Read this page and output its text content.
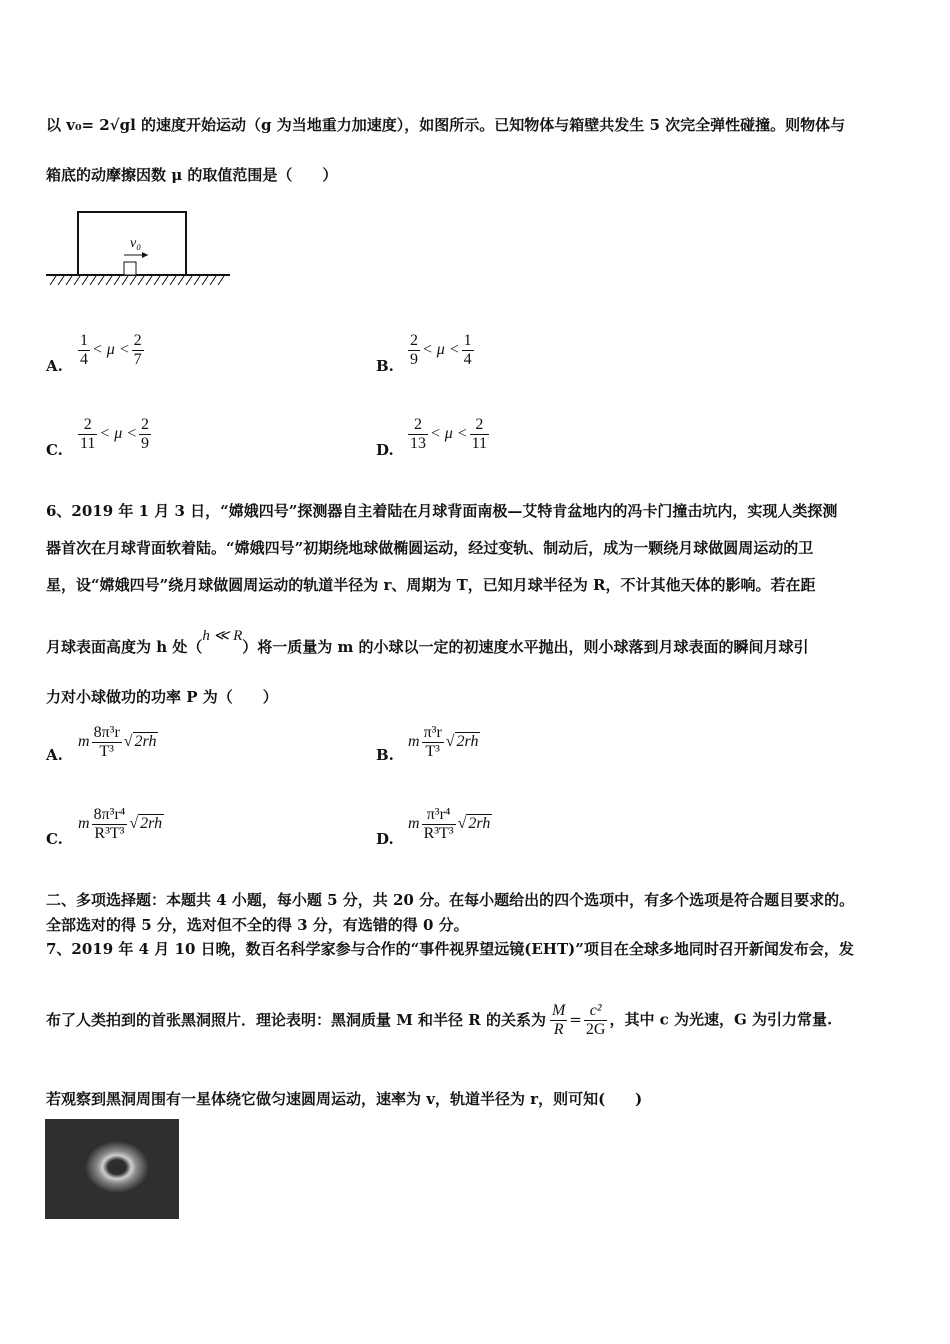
以 v₀= 2√gl 的速度开始运动（g 为当地重力加速度），如图所示。已知物体与箱壁共发生 5 次完全弹性碰撞。则物体与
箱底的动摩擦因数 μ 的取值范围是（　　）
v₀
A. $\frac{1}{4} < \mu < \frac{2}{7}$	B. $\frac{2}{9} < \mu < \frac{1}{4}$
C. $\frac{2}{11} < \mu < \frac{2}{9}$	D. $\frac{2}{13} < \mu < \frac{2}{11}$
6、2019 年 1 月 3 日，“嫦娥四号”探测器自主着陆在月球背面南极—艾特肯盆地内的冯卡门撞击坑内，实现人类探测
器首次在月球背面软着陆。“嫦娥四号”初期绕地球做椭圆运动，经过变轨、制动后，成为一颗绕月球做圆周运动的卫
星，设“嫦娥四号”绕月球做圆周运动的轨道半径为 r、周期为 T，已知月球半径为 R，不计其他天体的影响。若在距
月球表面高度为 h 处（h ≪ R）将一质量为 m 的小球以一定的初速度水平抛出，则小球落到月球表面的瞬间月球引
力对小球做功的功率 P 为（　　）
A.
m $\frac{\text{8π³r}}{\text{T³}}$ √ 2rh
B.
m $\frac{\text{π³r}}{\text{T³}}$ √ 2rh
C.
m $\frac{\text{8π³r⁴}}{\text{R³T³}}$ √ 2rh
D.
m $\frac{\text{π³r⁴}}{\text{R³T³}}$ √ 2rh
二、多项选择题：本题共 4 小题，每小题 5 分，共 20 分。在每小题给出的四个选项中，有多个选项是符合题目要求的。
全部选对的得 5 分，选对但不全的得 3 分，有选错的得 0 分。
7、2019 年 4 月 10 日晚，数百名科学家参与合作的“事件视界望远镜(EHT)”项目在全球多地同时召开新闻发布会，发
布了人类拍到的首张黑洞照片．理论表明：黑洞质量 M 和半径 R 的关系为 $\frac{M}{R} = \frac{\text{c²}}{2G}$ ，其中 c 为光速，G 为引力常量.
若观察到黑洞周围有一星体绕它做匀速圆周运动，速率为 v，轨道半径为 r，则可知(　　)
